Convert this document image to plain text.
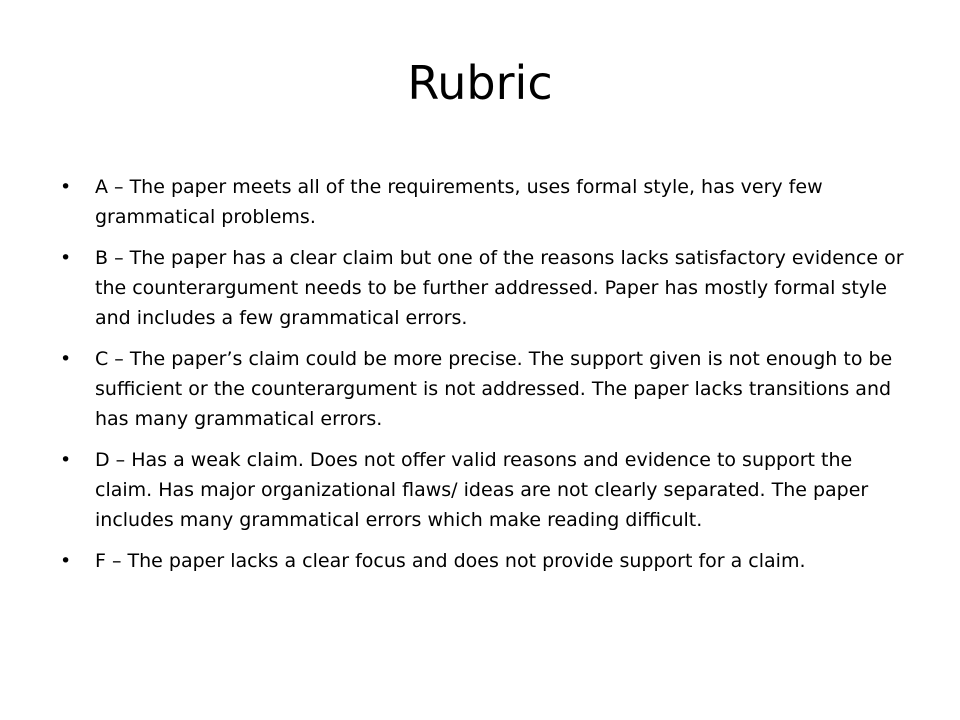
Rubric
•	A – The paper meets all of the requirements, uses formal style, has very few grammatical problems.
•	B – The paper has a clear claim but one of the reasons lacks satisfactory evidence or the counterargument needs to be further addressed. Paper has mostly formal style and includes a few grammatical errors.
•	C – The paper’s claim could be more precise. The support given is not enough to be sufficient or the counterargument is not addressed. The paper lacks transitions and has many grammatical errors.
•	D – Has a weak claim. Does not offer valid reasons and evidence to support the claim. Has major organizational flaws/ ideas are not clearly separated. The paper includes many grammatical errors which make reading difficult.
•	F – The paper lacks a clear focus and does not provide support for a claim.
